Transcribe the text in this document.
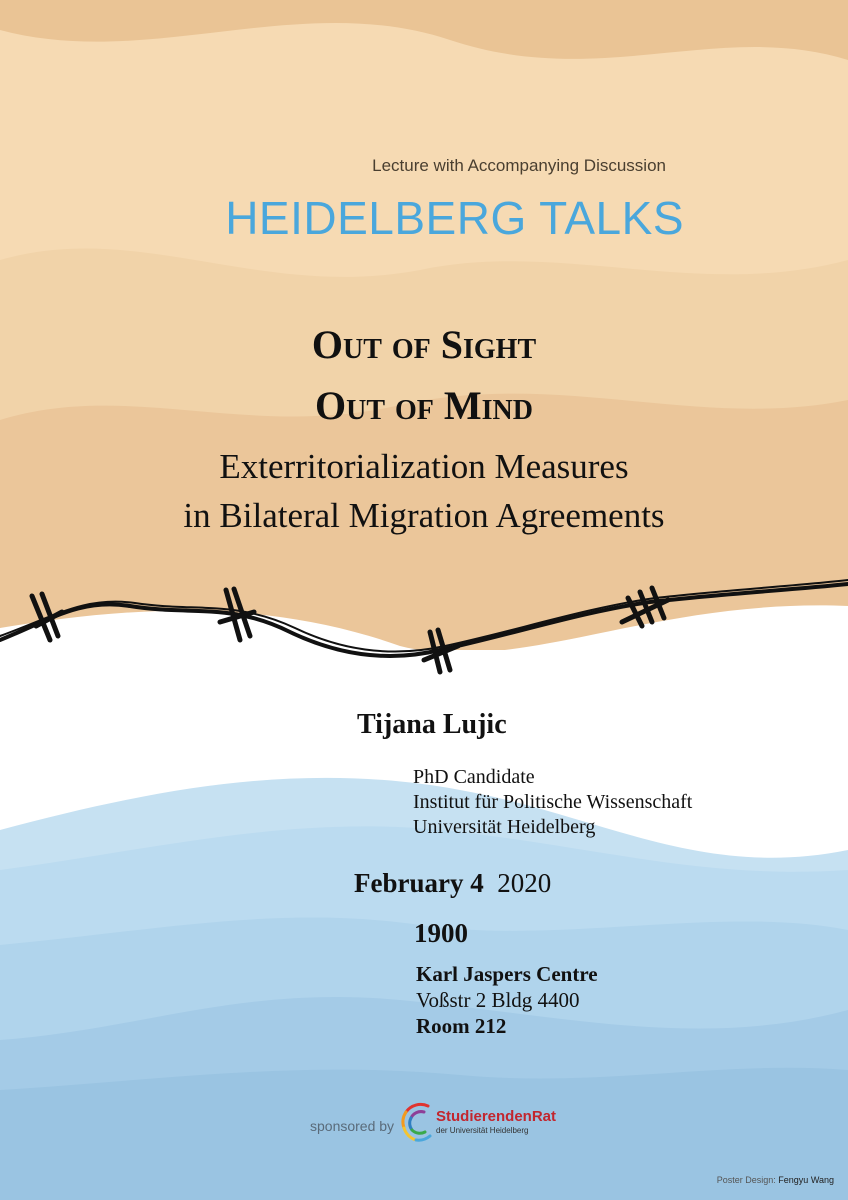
Lecture with Accompanying Discussion
HEIDELBERG TALKS
Out of Sight
Out of Mind
Exterritorialization Measures
in Bilateral Migration Agreements
Tijana Lujic
PhD Candidate
Institut für Politische Wissenschaft
Universität Heidelberg
February 4 2020
1900
Karl Jaspers Centre
Voßstr 2 Bldg 4400
Room 212
sponsored by
StudierendenRat
der Universität Heidelberg
Poster Design: Fengyu Wang
